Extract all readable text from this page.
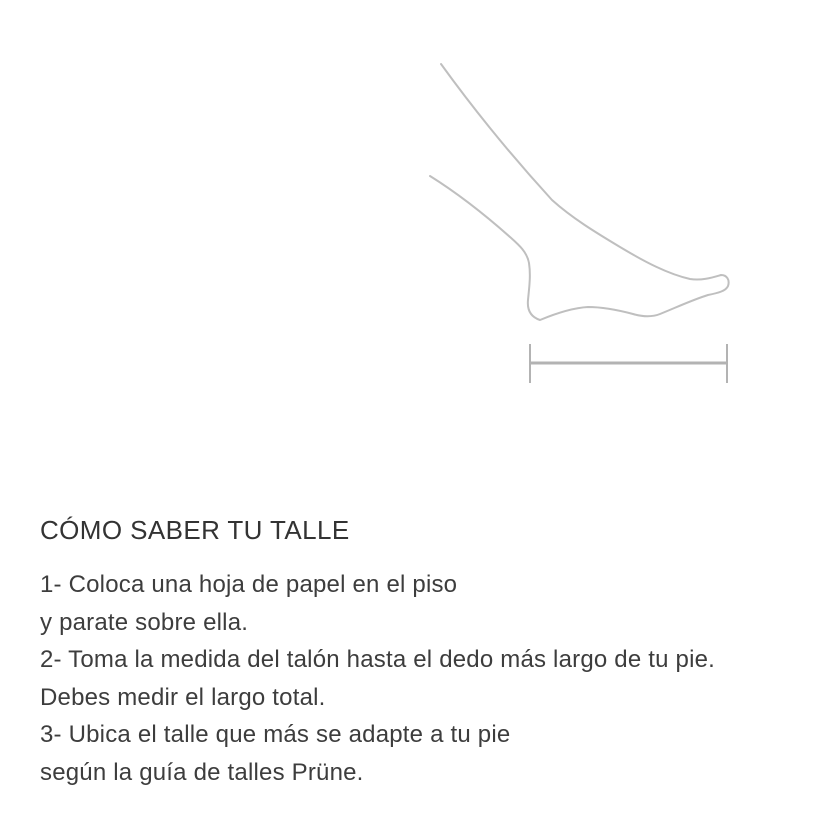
CÓMO SABER TU TALLE
1- Coloca una hoja de papel en el piso
y parate sobre ella.
2- Toma la medida del talón hasta el dedo más largo de tu pie.
Debes medir el largo total.
3- Ubica el talle que más se adapte a tu pie
según la guía de talles Prüne.
